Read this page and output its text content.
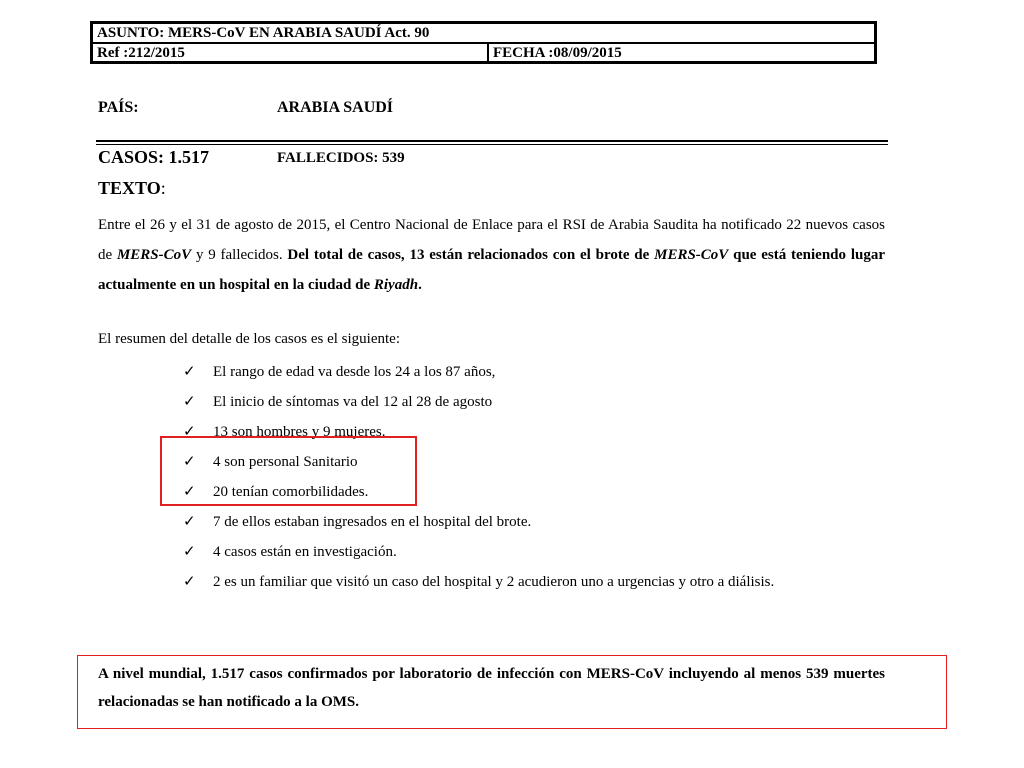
ASUNTO: MERS-CoV EN ARABIA SAUDÍ Act. 90
Ref :212/2015	FECHA :08/09/2015
PAÍS:	ARABIA SAUDÍ
CASOS: 1.517	FALLECIDOS: 539
TEXTO:
Entre el 26 y el 31 de agosto de 2015, el Centro Nacional de Enlace para el RSI de Arabia Saudita ha notificado 22 nuevos casos de MERS-CoV y 9 fallecidos. Del total de casos, 13 están relacionados con el brote de MERS-CoV que está teniendo lugar actualmente en un hospital en la ciudad de Riyadh.
El resumen del detalle de los casos es el siguiente:
✓ El rango de edad va desde los 24 a los 87 años,
✓ El inicio de síntomas va del 12 al 28 de agosto
✓ 13 son hombres y 9 mujeres.
✓ 4 son personal Sanitario
✓ 20 tenían comorbilidades.
✓ 7 de ellos estaban ingresados en el hospital del brote.
✓ 4 casos están en investigación.
✓ 2 es un familiar que visitó un caso del hospital y 2 acudieron uno a urgencias y otro a diálisis.
A nivel mundial, 1.517 casos confirmados por laboratorio de infección con MERS-CoV incluyendo al menos 539 muertes relacionadas se han notificado a la OMS.
